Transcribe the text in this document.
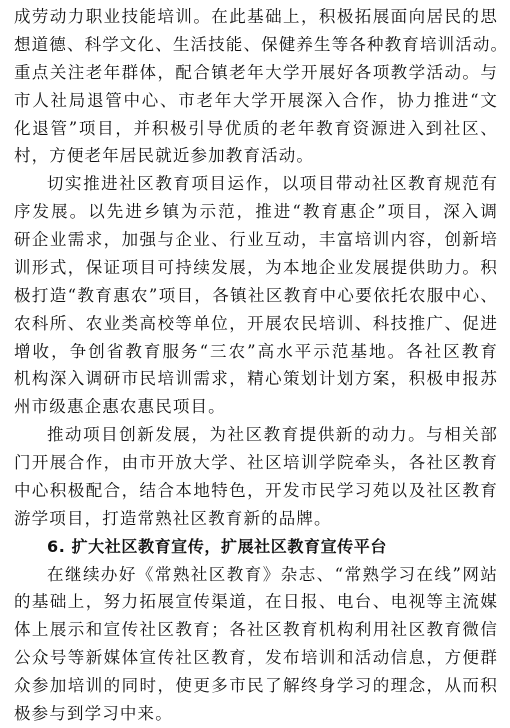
成劳动力职业技能培训。在此基础上，积极拓展面向居民的思
想道德、科学文化、生活技能、保健养生等各种教育培训活动。
重点关注老年群体，配合镇老年大学开展好各项教学活动。与
市人社局退管中心、市老年大学开展深入合作，协力推进“文
化退管”项目，并积极引导优质的老年教育资源进入到社区、
村，方便老年居民就近参加教育活动。
切实推进社区教育项目运作，以项目带动社区教育规范有
序发展。以先进乡镇为示范，推进“教育惠企”项目，深入调
研企业需求，加强与企业、行业互动，丰富培训内容，创新培
训形式，保证项目可持续发展，为本地企业发展提供助力。积
极打造“教育惠农”项目，各镇社区教育中心要依托农服中心、
农科所、农业类高校等单位，开展农民培训、科技推广、促进
增收，争创省教育服务“三农”高水平示范基地。各社区教育
机构深入调研市民培训需求，精心策划计划方案，积极申报苏
州市级惠企惠农惠民项目。
推动项目创新发展，为社区教育提供新的动力。与相关部
门开展合作，由市开放大学、社区培训学院牵头，各社区教育
中心积极配合，结合本地特色，开发市民学习苑以及社区教育
游学项目，打造常熟社区教育新的品牌。
6. 扩大社区教育宣传，扩展社区教育宣传平台
在继续办好《常熟社区教育》杂志、“常熟学习在线”网站
的基础上，努力拓展宣传渠道，在日报、电台、电视等主流媒
体上展示和宣传社区教育；各社区教育机构利用社区教育微信
公众号等新媒体宣传社区教育，发布培训和活动信息，方便群
众参加培训的同时，使更多市民了解终身学习的理念，从而积
极参与到学习中来。
